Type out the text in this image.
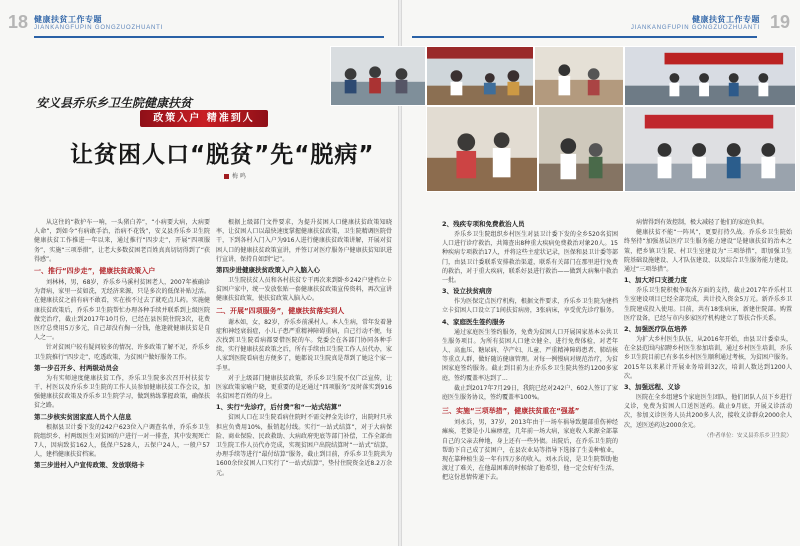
18 健康扶贫工作专题
JIANKANGFUPIN GONGZUOZHUANTI	19
健康扶贫工作专题
JIANKANGFUPIN GONGZUOZHUANTI
安义县乔乐乡卫生院健康扶贫
政策入户 精准到人
让贫困人口“脱贫”先“脱病”
梅 鸣

从这往的“救护车一响，一头猪白养”，“小病要大病，大病要人命”，到如今“有病敢手治，治病不花钱”，安义县乔乐乡卫生院健康扶贫工作推进一年以来，通过推行“四步走”，开展“四项服务”，实施“三项举措”，让老大多数贫困老百姓真真切切得到了“获得感”。

一、推行“四步走”，健康扶贫政策入户

刘林林，男，68岁，乔乐乡马溪村贫困老人，2007年被确诊为肾病，家里一贫如洗，无经济来源，只是多次的低保补贴过活。在健康扶贫之前有病不敢看，实在挨不过去了就吃点儿药。实施健康扶贫政策后，乔乐乡卫生院帮忙办理各种手续并联系到上级医院做完治疗，截止到2017年10月份，已经在县医院住院3次，花费医疗总费用5万多元，自己却没有掏一分钱，他逢就健康扶贫是自人之一。

针对贫困户较有疑问较多的情况、许多政策了解不足，乔乐乡卫生院推行“四步走”，吃透政策，为贫困户做好服务工作。

第一步召开乡、村两级动员会

为有实师速度健康扶贫工作，乔乐卫生院多次召开村扶贫专干、村医以及乔乐乡卫生院的工作人员参加健康扶贫工作会议，加强健康扶贫政策及乔乐乡卫生院学习，做到熟练掌握政策，确保扶贫之路。

第二步核实贫困家庭人员个人信息

根据县卫计委下发的242户623位入户调查名单，乔乐乡卫生院组织乡、村两级医生对贫困的户进行一对一排查，其中发现死亡7人，因病致贫162人，低保户528人，五保户24人，一般户57人，建档健康扶贫档案。

第三步进村入户宣传政策、发放联络卡

根据上级部门文件要求，为提升贫困人口健康扶贫政策知晓率，让贫困人口以最快速度掌握健康扶贫政策，卫生院精调医院骨干，下到各村入门入户为916人进行健康扶贫政策讲解，开展对贫困人口的健康扶贫政策宣讲，并签订对医疗服务户健康扶贫知识进行宣讲，保持自如到“记”。

第四步进健康扶贫政策入户入脑入心

卫生院扶贫人员和各村扶贫专干再次来到卧乡242户建档立卡贫困户家中，统一发放张贴一套健康扶贫政策宣传资料，再次宣讲健康扶贫政策，使扶贫政策入脑入心。

二、开展“四项服务”，健康扶贫落实到人

谢木如，女，82岁，乔乐乡前溪村人。本人生病，常年发着暑症和神经衰弱症，小儿子患严重精神障碍重病，自己行动不便，每次找到卫生院看病都要借医院的车。党委会在各部门协同各种手续，实行健康扶贫政策之后，所有手续由卫生院工作人员代办，家人家到医院看病也方便多了，她都说卫生院真是帮到了她这个家一手里。

对于上级部门健康扶贫政策，乔乐乡卫生院不仅广泛宣传，让医家政策家喻户晓，更重要的是还通过“四项服务”及时落实到916名贫困老百姓的身上。

1、实行“先诊疗，后付费”和“一站式结算”

贫困人口在卫生院看病住院时不需交押金先诊疗，出院时只承担应负费用10%，报销起付线。实行“一站式结算”，对于大病保险、商业保险、民政救助、大病政府兜底等部门补偿，工作全部由卫生院工作人员代办完成，实现贫困户出院结算时“一站式”结算，办理手续等进行“最付结算”服务，截止到目前，乔乐乡卫生院共为1600余位贫困人口实行了“一站式结算”，垫付住院资金近8.2万余元。

2、残疾专项和免费救治人员

乔乐乡卫生院组织乡村医生对县卫计委下发的全乡520名贫困人口进行诊疗救治，共筛查出8种重大疾病免费救治对象20人。15种疾病专项救治17人，并将这些主症状记录，医保和县卫计委等部门，由县卫计委联系安排救治渠道，联系有关部门在那里进行免费的救治，对于重大疾病，联系好县进行救治——做到大病集中救治一批。

3、设立扶贫病房

作为医保定点医疗机构，根据文件要求，乔乐乡卫生院为建档立卡贫困人口设立了1间扶贫病房，3张病床，享受优先诊疗服务。

4、家庭医生签约服务

通过家庭医生签约服务，免费为贫困人口开展国家基本公共卫生服务项目。为所有贫困人口建立健全、进行免费体检，对老年人、高血压、糖尿病、孕产妇、儿童、严重精神障碍患者、肺结核等重点人群，做好随访健康管理。对每一例慢病对规范治疗，为贫困家庭签约服务。截止到目前为止乔乐乡卫生院共签约1200多家庭，签约覆盖率达到了...

截止到2017年7月29日，我院已经对242户、602人签订了家庭医生服务协议，签约覆盖率100%。

三、实施“三项举措”，健康扶贫重在“强基”

刘永兵，男，37岁，2013年由于一场车祸导致腿部重伤神经瘫痪，老婆是小儿麻痹症，几年前一场大病，家庭收入来源全部靠自己的父亲去种地，身上还有一些外债。出院后，在乔乐卫生院的帮助下自己成了贫困户，在县农业局等指导下选择了生姜种植业，现在靠种植生姜一年有四万多的收入。刘永兵说，是卫生院帮助他渡过了难关，在他最困难的时候给了他希望，他一定会好好生活，把这份恩情传递下去。

病情得到有效控制，极大减轻了他们的家庭负担。

健康扶贫不能“一阵风”，更要打持久战。乔乐乡卫生院始终坚持“加强基层医疗卫生服务能力建设”是健康扶贫的治本之策，把乡镇卫生院、村卫生室建设为“三项举措”，即加强卫生院基础设施建设、人才队伍建设、以及综合卫生服务能力建设。通过“三项举措”。

1、加大对口支援力度

乔乐卫生院积极争取各方面的支持，截止2017年乔乐村卫生室建设项目已经全部完成，共计投入资金5万元。新乔乐乡卫生院建成投入使用。目前，共有18张病床，新建住院部。购置医疗设备，已经与市内多家医疗机构建立了帮扶合作关系。

2、加强医疗队伍培养

为扩大乡村医生队伍，从2016年开始，由县卫计委牵头，在全县范围内招聘乡村医生参加培训，通过乡村医生培训，乔乐乡卫生院目前已有多名乡村医生顺利通过考核，为贫困户服务。2015年以来累计开展业务培训32次，培训人数达到1200人次。

3、加强远程、义诊

医院在全乡组建5个家庭医生团队，他们团队人员下乡进行义诊，免费为贫困人口送医送药。截止9月底，开展义诊活动次，参加义诊医务人员共200多人次，接收义诊群众2000余人次，送医送药达2000余元。

（作者单位：安义县乔乐乡卫生院）
